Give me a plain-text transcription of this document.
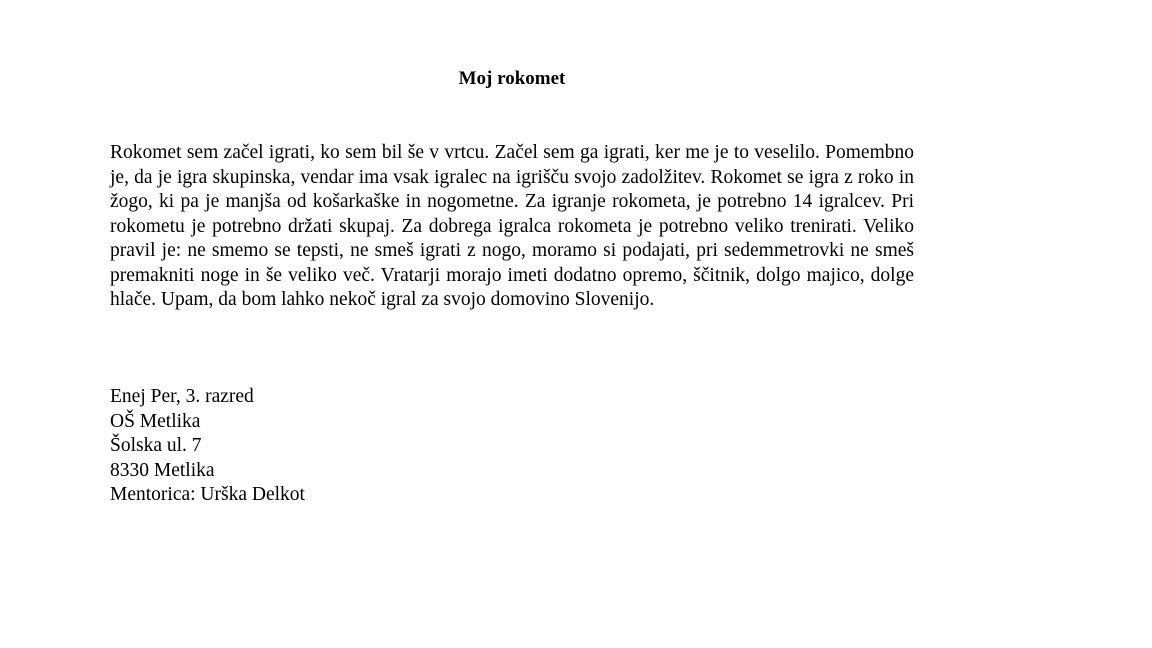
Moj rokomet

Rokomet sem začel igrati, ko sem bil še v vrtcu. Začel sem ga igrati, ker me je to veselilo. Pomembno je, da je igra skupinska, vendar ima vsak igralec na igrišču svojo zadolžitev. Rokomet se igra z roko in žogo, ki pa je manjša od košarkaške in nogometne. Za igranje rokometa, je potrebno 14 igralcev. Pri rokometu je potrebno držati skupaj. Za dobrega igralca rokometa je potrebno veliko trenirati. Veliko pravil je: ne smemo se tepsti, ne smeš igrati z nogo, moramo si podajati, pri sedemmetrovki ne smeš premakniti noge in še veliko več. Vratarji morajo imeti dodatno opremo, ščitnik, dolgo majico, dolge hlače. Upam, da bom lahko nekoč igral za svojo domovino Slovenijo.

Enej Per, 3. razred
OŠ Metlika
Šolska ul. 7
8330 Metlika
Mentorica: Urška Delkot
